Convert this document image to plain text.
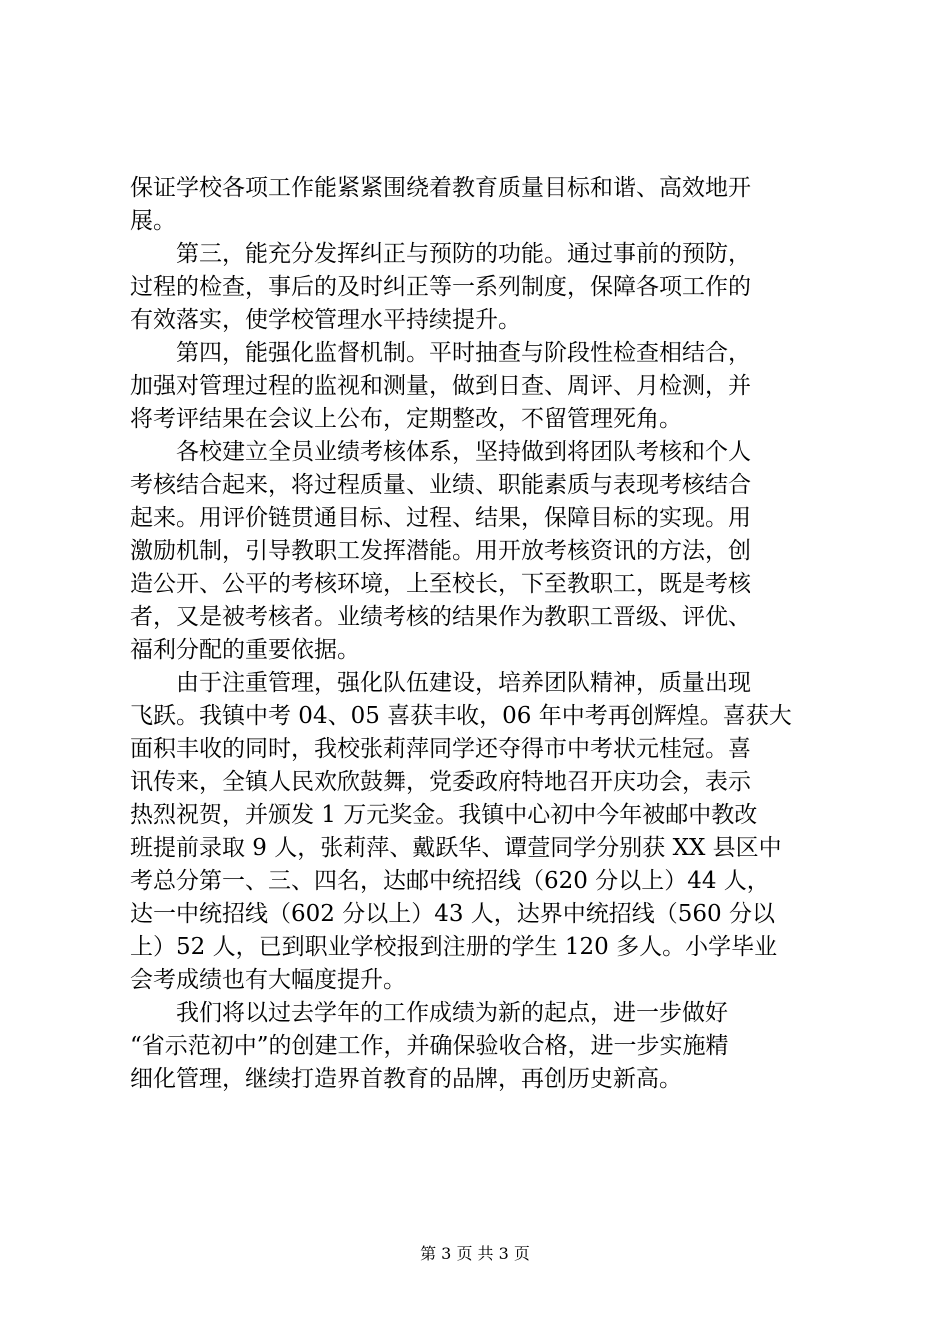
保证学校各项工作能紧紧围绕着教育质量目标和谐、高效地开
展。
　　第三，能充分发挥纠正与预防的功能。通过事前的预防，
过程的检查，事后的及时纠正等一系列制度，保障各项工作的
有效落实，使学校管理水平持续提升。
　　第四，能强化监督机制。平时抽查与阶段性检查相结合，
加强对管理过程的监视和测量，做到日查、周评、月检测，并
将考评结果在会议上公布，定期整改，不留管理死角。
　　各校建立全员业绩考核体系，坚持做到将团队考核和个人
考核结合起来，将过程质量、业绩、职能素质与表现考核结合
起来。用评价链贯通目标、过程、结果，保障目标的实现。用
激励机制，引导教职工发挥潜能。用开放考核资讯的方法，创
造公开、公平的考核环境，上至校长，下至教职工，既是考核
者，又是被考核者。业绩考核的结果作为教职工晋级、评优、
福利分配的重要依据。
　　由于注重管理，强化队伍建设，培养团队精神，质量出现
飞跃。我镇中考 04、05 喜获丰收，06 年中考再创辉煌。喜获大
面积丰收的同时，我校张莉萍同学还夺得市中考状元桂冠。喜
讯传来，全镇人民欢欣鼓舞，党委政府特地召开庆功会，表示
热烈祝贺，并颁发 1 万元奖金。我镇中心初中今年被邮中教改
班提前录取 9 人，张莉萍、戴跃华、谭萱同学分别获 XX 县区中
考总分第一、三、四名，达邮中统招线（620 分以上）44 人，
达一中统招线（602 分以上）43 人，达界中统招线（560 分以
上）52 人，已到职业学校报到注册的学生 120 多人。小学毕业
会考成绩也有大幅度提升。
　　我们将以过去学年的工作成绩为新的起点，进一步做好
“省示范初中”的创建工作，并确保验收合格，进一步实施精
细化管理，继续打造界首教育的品牌，再创历史新高。
第 3 页 共 3 页
